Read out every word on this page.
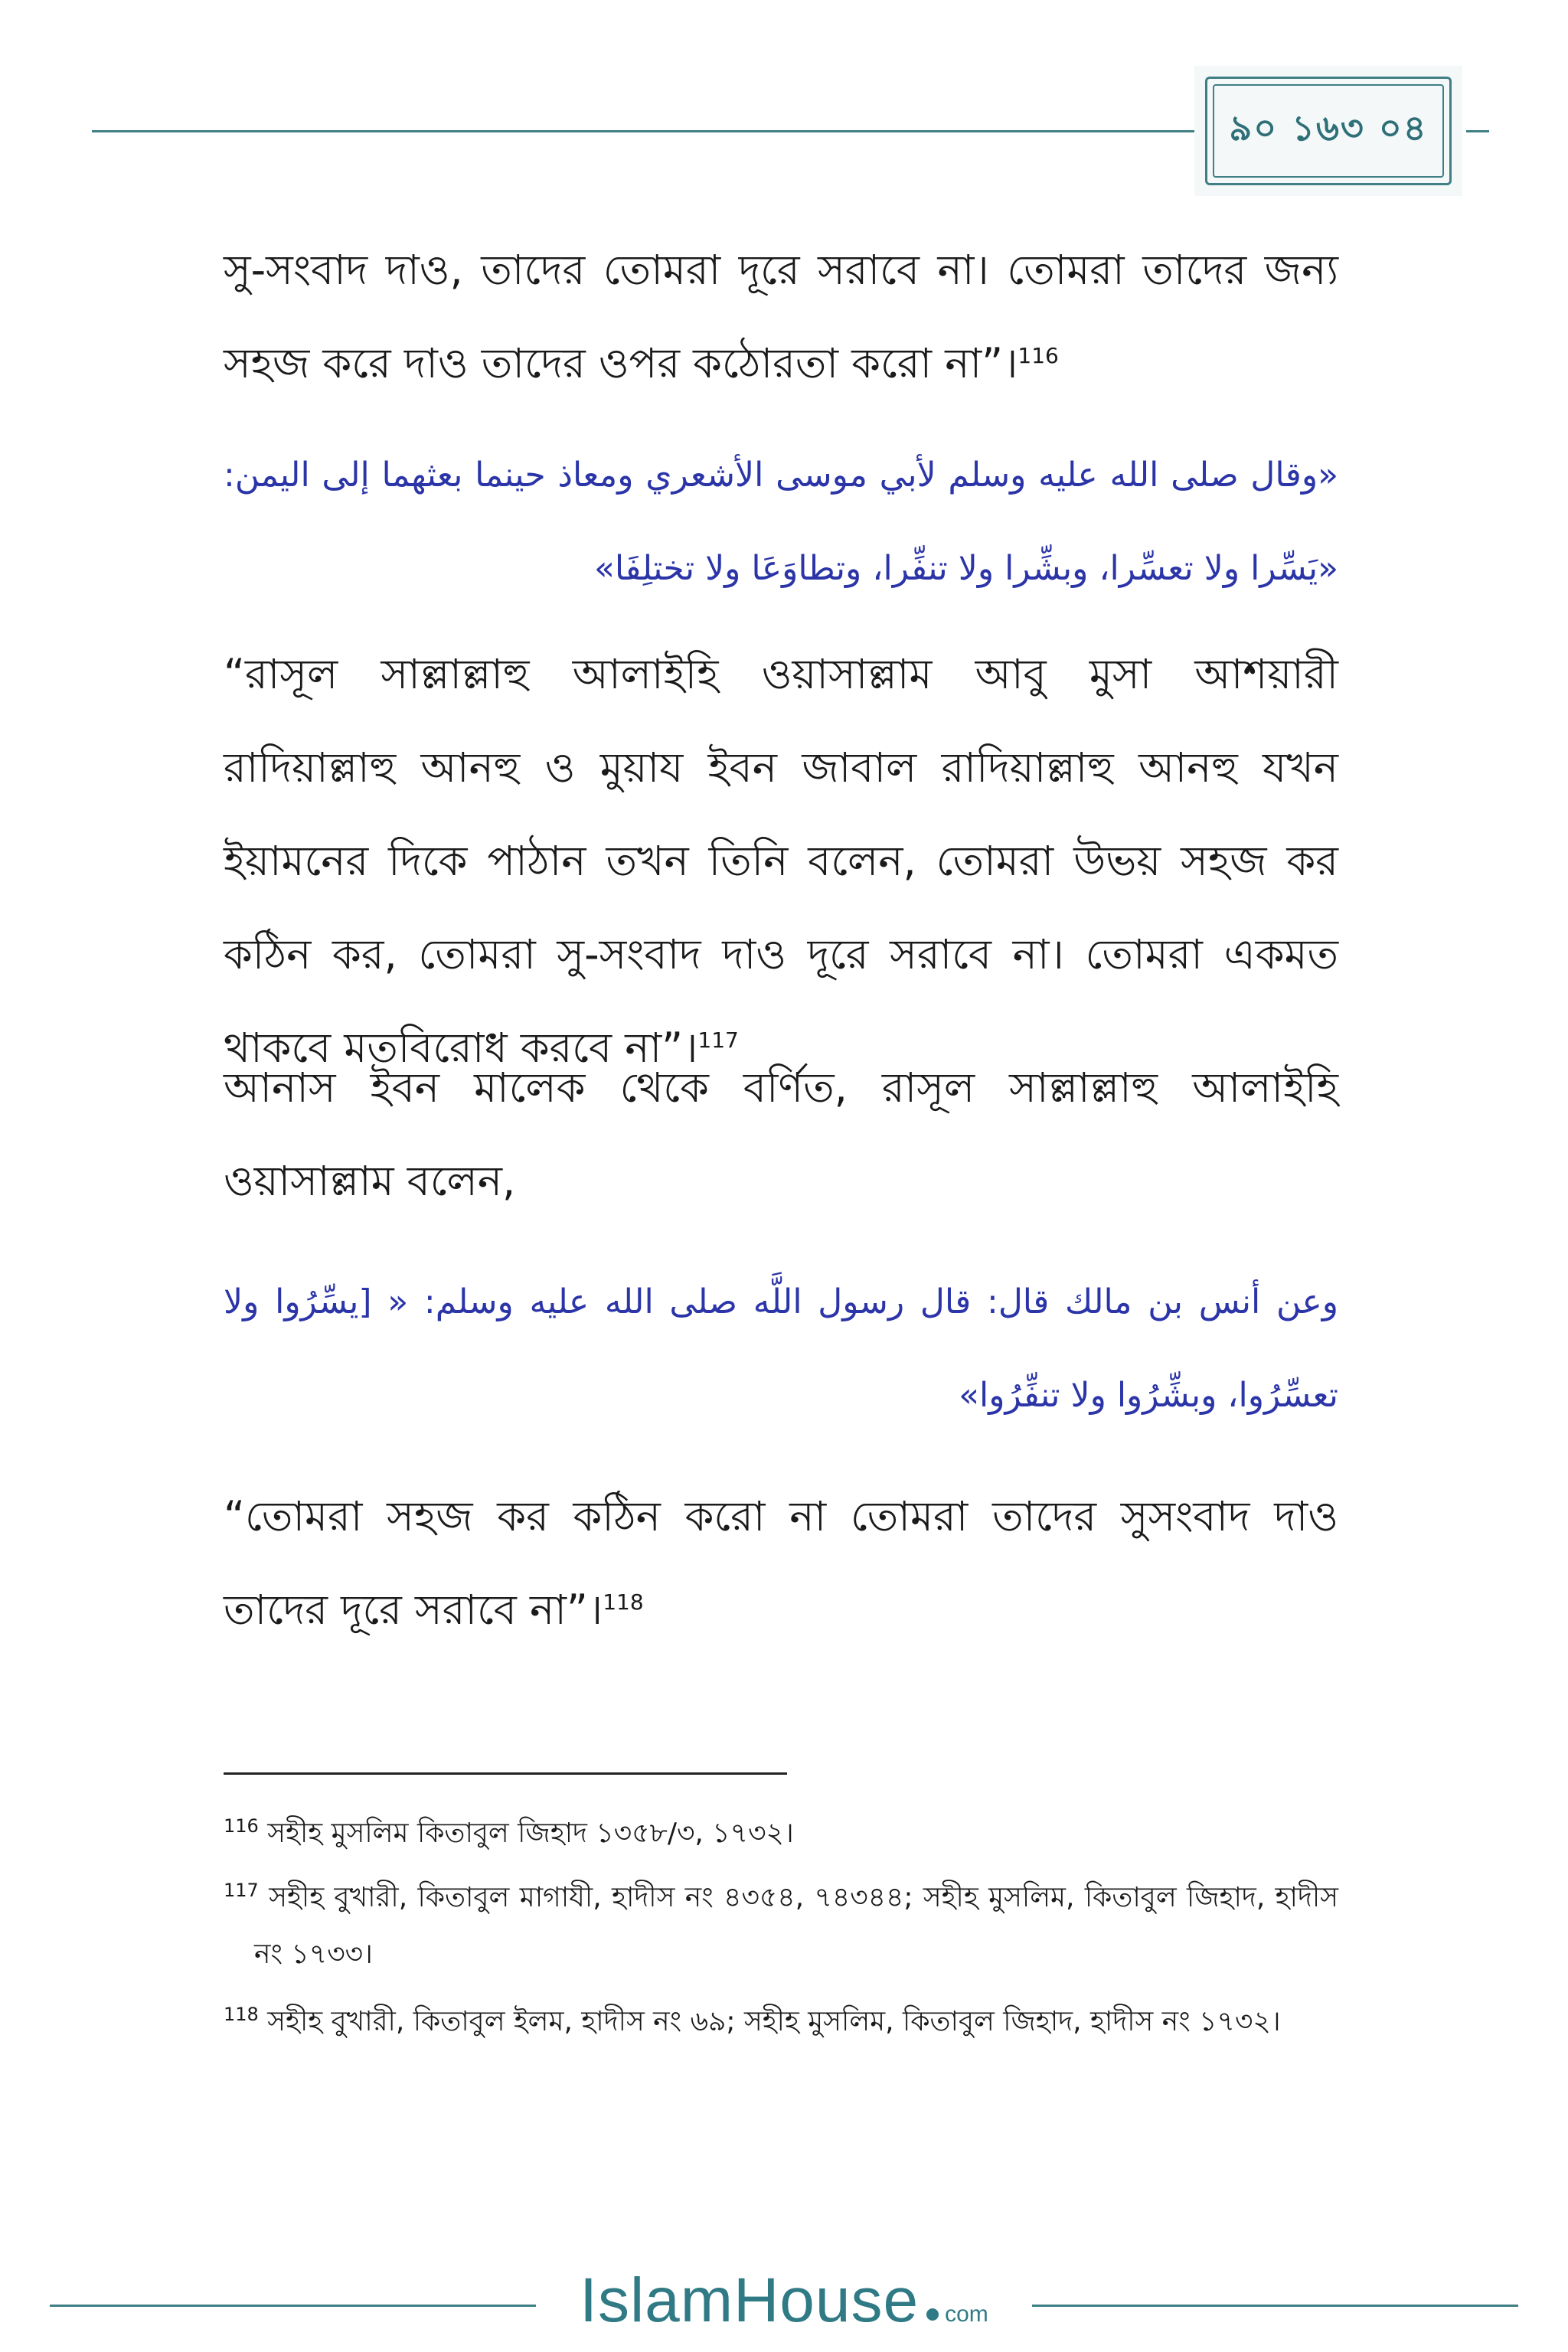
৯০ ১৬৩ ০৪

সু-সংবাদ দাও, তাদের তোমরা দূরে সরাবে না। তোমরা তাদের জন্য সহজ করে দাও তাদের ওপর কঠোরতা করো না”।$^{116}$

«وقال صلى الله عليه وسلم لأبي موسى الأشعري ومعاذ حينما بعثهما إلى اليمن: «يَسِّرا ولا تعسِّرا، وبشِّرا ولا تنفِّرا، وتطاوَعَا ولا تختلِفَا»

“রাসূল সাল্লাল্লাহু আলাইহি ওয়াসাল্লাম আবু মুসা আশয়ারী রাদিয়াল্লাহু আনহু ও মুয়ায ইবন জাবাল রাদিয়াল্লাহু আনহু যখন ইয়ামনের দিকে পাঠান তখন তিনি বলেন, তোমরা উভয় সহজ কর কঠিন কর, তোমরা সু-সংবাদ দাও দূরে সরাবে না। তোমরা একমত থাকবে মতবিরোধ করবে না”।$^{117}$

আনাস ইবন মালেক থেকে বর্ণিত, রাসূল সাল্লাল্লাহু আলাইহি ওয়াসাল্লাম বলেন,

وعن أنس بن مالك قال: قال رسول اللَّه صلى الله عليه وسلم: « [يسِّرُوا ولا تعسِّرُوا، وبشِّرُوا ولا تنفِّرُوا»

“তোমরা সহজ কর কঠিন করো না তোমরা তাদের সুসংবাদ দাও তাদের দূরে সরাবে না”।$^{118}$

$^{116}$ সহীহ মুসলিম কিতাবুল জিহাদ ১৩৫৮/৩, ১৭৩২।

$^{117}$ সহীহ বুখারী, কিতাবুল মাগাযী, হাদীস নং ৪৩৫৪, ৭৪৩৪৪; সহীহ মুসলিম, কিতাবুল জিহাদ, হাদীস নং ১৭৩৩।

$^{118}$ সহীহ বুখারী, কিতাবুল ইলম, হাদীস নং ৬৯; সহীহ মুসলিম, কিতাবুল জিহাদ, হাদীস নং ১৭৩২।

IslamHouse com
